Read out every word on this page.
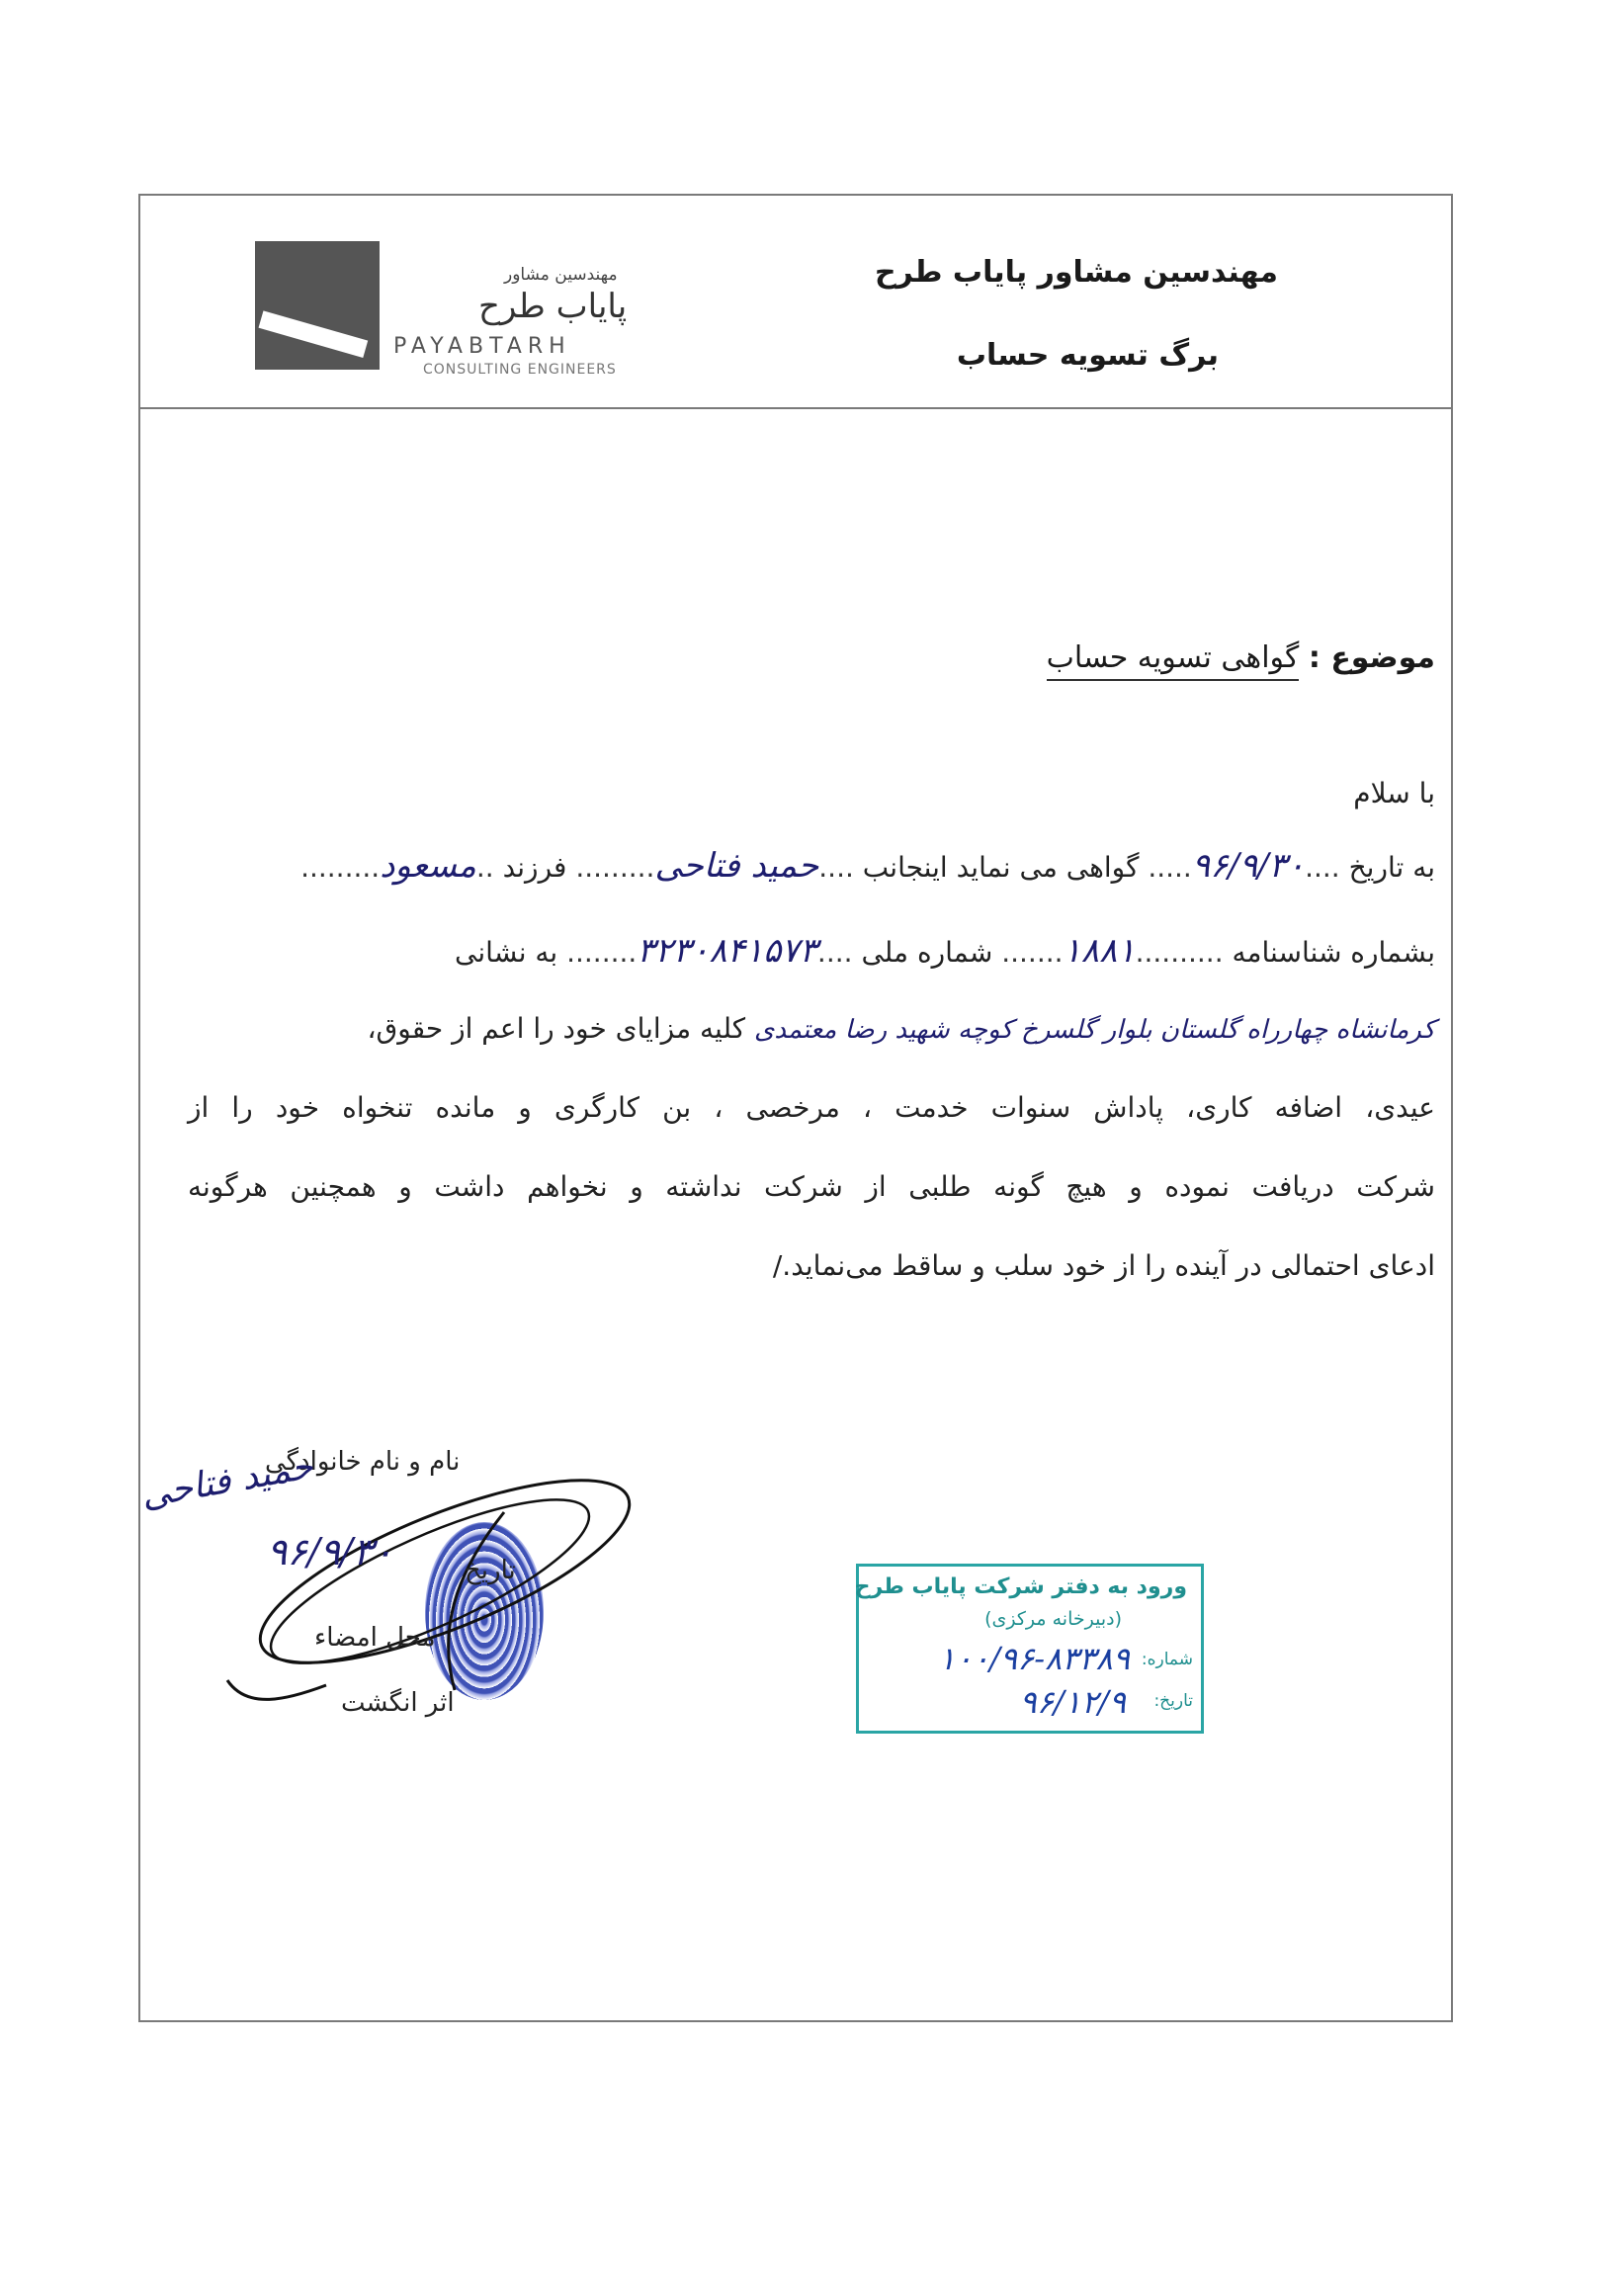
مهندسین مشاور
پایاب طرح
PAYABTARH
CONSULTING ENGINEERS
مهندسین مشاور پایاب طرح
برگ تسویه حساب
موضوع : گواهی تسویه حساب
با سلام
به تاریخ ....۹۶/۹/۳۰..... گواهی می نماید اینجانب ....حمید فتاحی......... فرزند ..مسعود.........
بشماره شناسنامه ..........۱۸۸۱....... شماره ملی ....۳۲۳۰۸۴۱۵۷۳........ به نشانی
کرمانشاه چهارراه گلستان بلوار گلسرخ کوچه شهید رضا معتمدی کلیه مزایای خود را اعم از حقوق،
عیدی، اضافه کاری، پاداش سنوات خدمت ، مرخصی ، بن کارگری و مانده تنخواه خود را از
شرکت دریافت نموده و هیچ گونه طلبی از شرکت نداشته و نخواهم داشت و همچنین هرگونه
ادعای احتمالی در آینده را از خود سلب و ساقط می‌نماید./
نام و نام خانوادگی
حمید فتاحی
تاریخ
۹۶/۹/۳۰
محل امضاء
اثر انگشت
ورود به دفتر شرکت پایاب طرح
(دبیرخانه مرکزی)
شماره:
۱۰۰/۹۶-۸۳۳۸۹
تاریخ:
۹۶/۱۲/۹
